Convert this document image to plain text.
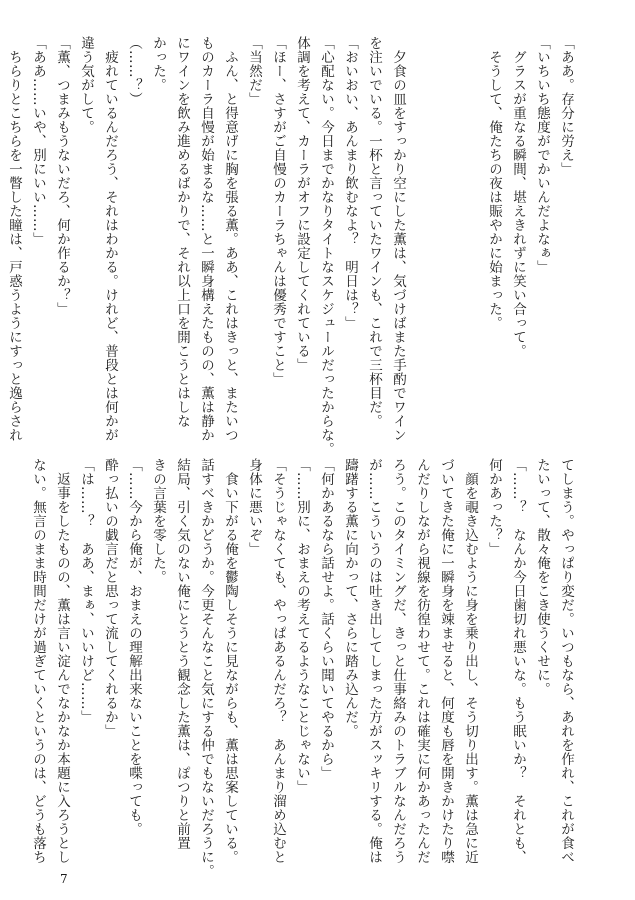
「ああ。存分に労え」

「いちいち態度がでかいんだよなぁ」

　グラスが重なる瞬間、堪えきれずに笑い合って。

　そうして、俺たちの夜は賑やかに始まった。

　夕食の皿をすっかり空にした薫は、気づけばまた手酌でワイン

を注いでいる。一杯と言っていたワインも、これで三杯目だ。

「おいおい、あんまり飲むなよ？　明日は？」

「心配ない。今日までかなりタイトなスケジュールだったからな。

体調を考えて、カーラがオフに設定してくれている」

「ほー、さすがご自慢のカーラちゃんは優秀ですこと」

「当然だ」

　ふん、と得意げに胸を張る薫。ああ、これはきっと、またいつ

ものカーラ自慢が始まるな……と一瞬身構えたものの、薫は静か

にワインを飲み進めるばかりで、それ以上口を開こうとはしな

かった。

（……？）

　疲れているんだろう、それはわかる。けれど、普段とは何かが

違う気がして。

「薫、つまみもうないだろ、何か作るか？」

「ああ……いや、別にいい……」

　ちらりとこちらを一瞥した瞳は、戸惑うようにすっと逸らされ

てしまう。やっぱり変だ。いつもなら、あれを作れ、これが食べ

たいって、散々俺をこき使うくせに。

「……？　なんか今日歯切れ悪いな。もう眠いか？　それとも、

何かあった？」

　顔を覗き込むように身を乗り出し、そう切り出す。薫は急に近

づいてきた俺に一瞬身を竦ませると、何度も唇を開きかけたり噤

んだりしながら視線を彷徨わせて。これは確実に何かあったんだ

ろう。このタイミングだ、きっと仕事絡みのトラブルなんだろう

が……こういうのは吐き出してしまった方がスッキリする。俺は

躊躇する薫に向かって、さらに踏み込んだ。

「何かあるなら話せよ。話くらい聞いてやるから」

「……別に、おまえの考えてるようなことじゃない」

「そうじゃなくても、やっぱあるんだろ？　あんまり溜め込むと

身体に悪いぞ」

　食い下がる俺を鬱陶しそうに見ながらも、薫は思案している。

話すべきかどうか。今更そんなこと気にする仲でもないだろうに。

結局、引く気のない俺にとうとう観念した薫は、ぽつりと前置

きの言葉を零した。

「……今から俺が、おまえの理解出来ないことを喋っても。

酔っ払いの戯言だと思って流してくれるか」

「は……？　ああ、まぁ、いいけど……」

　返事をしたものの、薫は言い淀んでなかなか本題に入ろうとし

ない。無言のまま時間だけが過ぎていくというのは、どうも落ち

7
